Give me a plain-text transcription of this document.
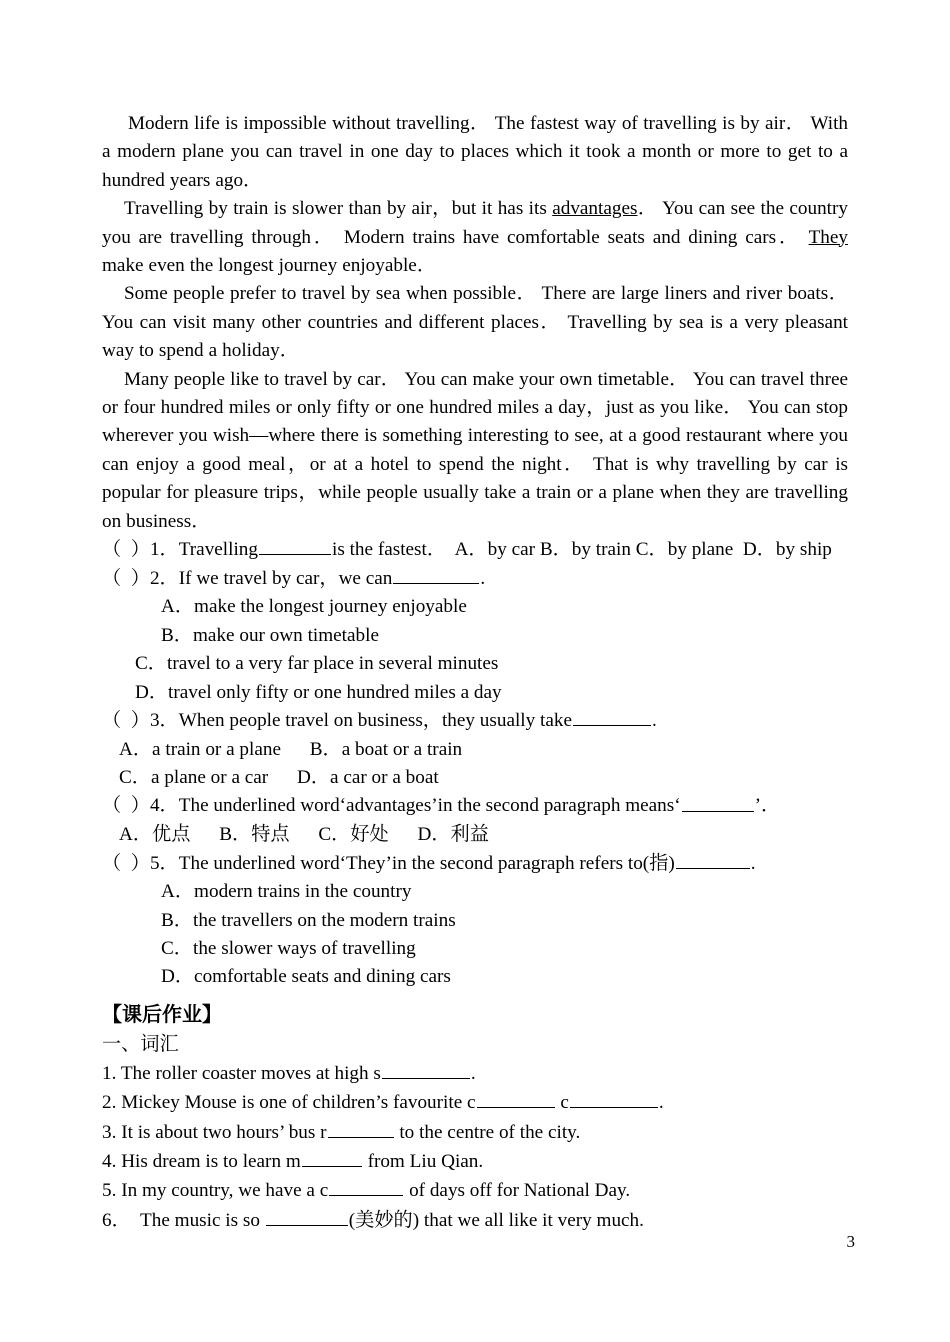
Modern life is impossible without travelling． The fastest way of travelling is by air． With a modern plane you can travel in one day to places which it took a month or more to get to a hundred years ago．

Travelling by train is slower than by air，but it has its advantages． You can see the country you are travelling through． Modern trains have comfortable seats and dining cars． They make even the longest journey enjoyable．

Some people prefer to travel by sea when possible． There are large liners and river boats． You can visit many other countries and different places． Travelling by sea is a very pleasant way to spend a holiday．

Many people like to travel by car． You can make your own timetable． You can travel three or four hundred miles or only fifty or one hundred miles a day，just as you like． You can stop wherever you wish—where there is something interesting to see, at a good restaurant where you can enjoy a good meal，or at a hotel to spend the night． That is why travelling by car is popular for pleasure trips，while people usually take a train or a plane when they are travelling on business．

（  ）1．Travelling	is the fastest．  A．by car B．by train C．by plane  D．by ship

（  ）2．If we travel by car，we can	.

A．make the longest journey enjoyable

B．make our own timetable

C．travel to a very far place in several minutes

D．travel only fifty or one hundred miles a day

（  ）3．When people travel on business，they usually take	.

A．a train or a plane      B．a boat or a train

C．a plane or a car      D．a car or a boat

（  ）4．The underlined word‘advantages’in the second paragraph means‘	’．

A．优点      B．特点      C．好处      D．利益

（  ）5．The underlined word‘They’in the second paragraph refers to(指)	.

A．modern trains in the country

B．the travellers on the modern trains

C．the slower ways of travelling

D．comfortable seats and dining cars

【课后作业】

一、词汇

1. The roller coaster moves at high s	.

2. Mickey Mouse is one of children’s favourite c	c	.

3. It is about two hours’ bus r	to the centre of the city.

4. His dream is to learn m	from Liu Qian.

5. In my country, we have a c	of days off for National Day.

6．  The music is so	(美妙的) that we all like it very much.

3
